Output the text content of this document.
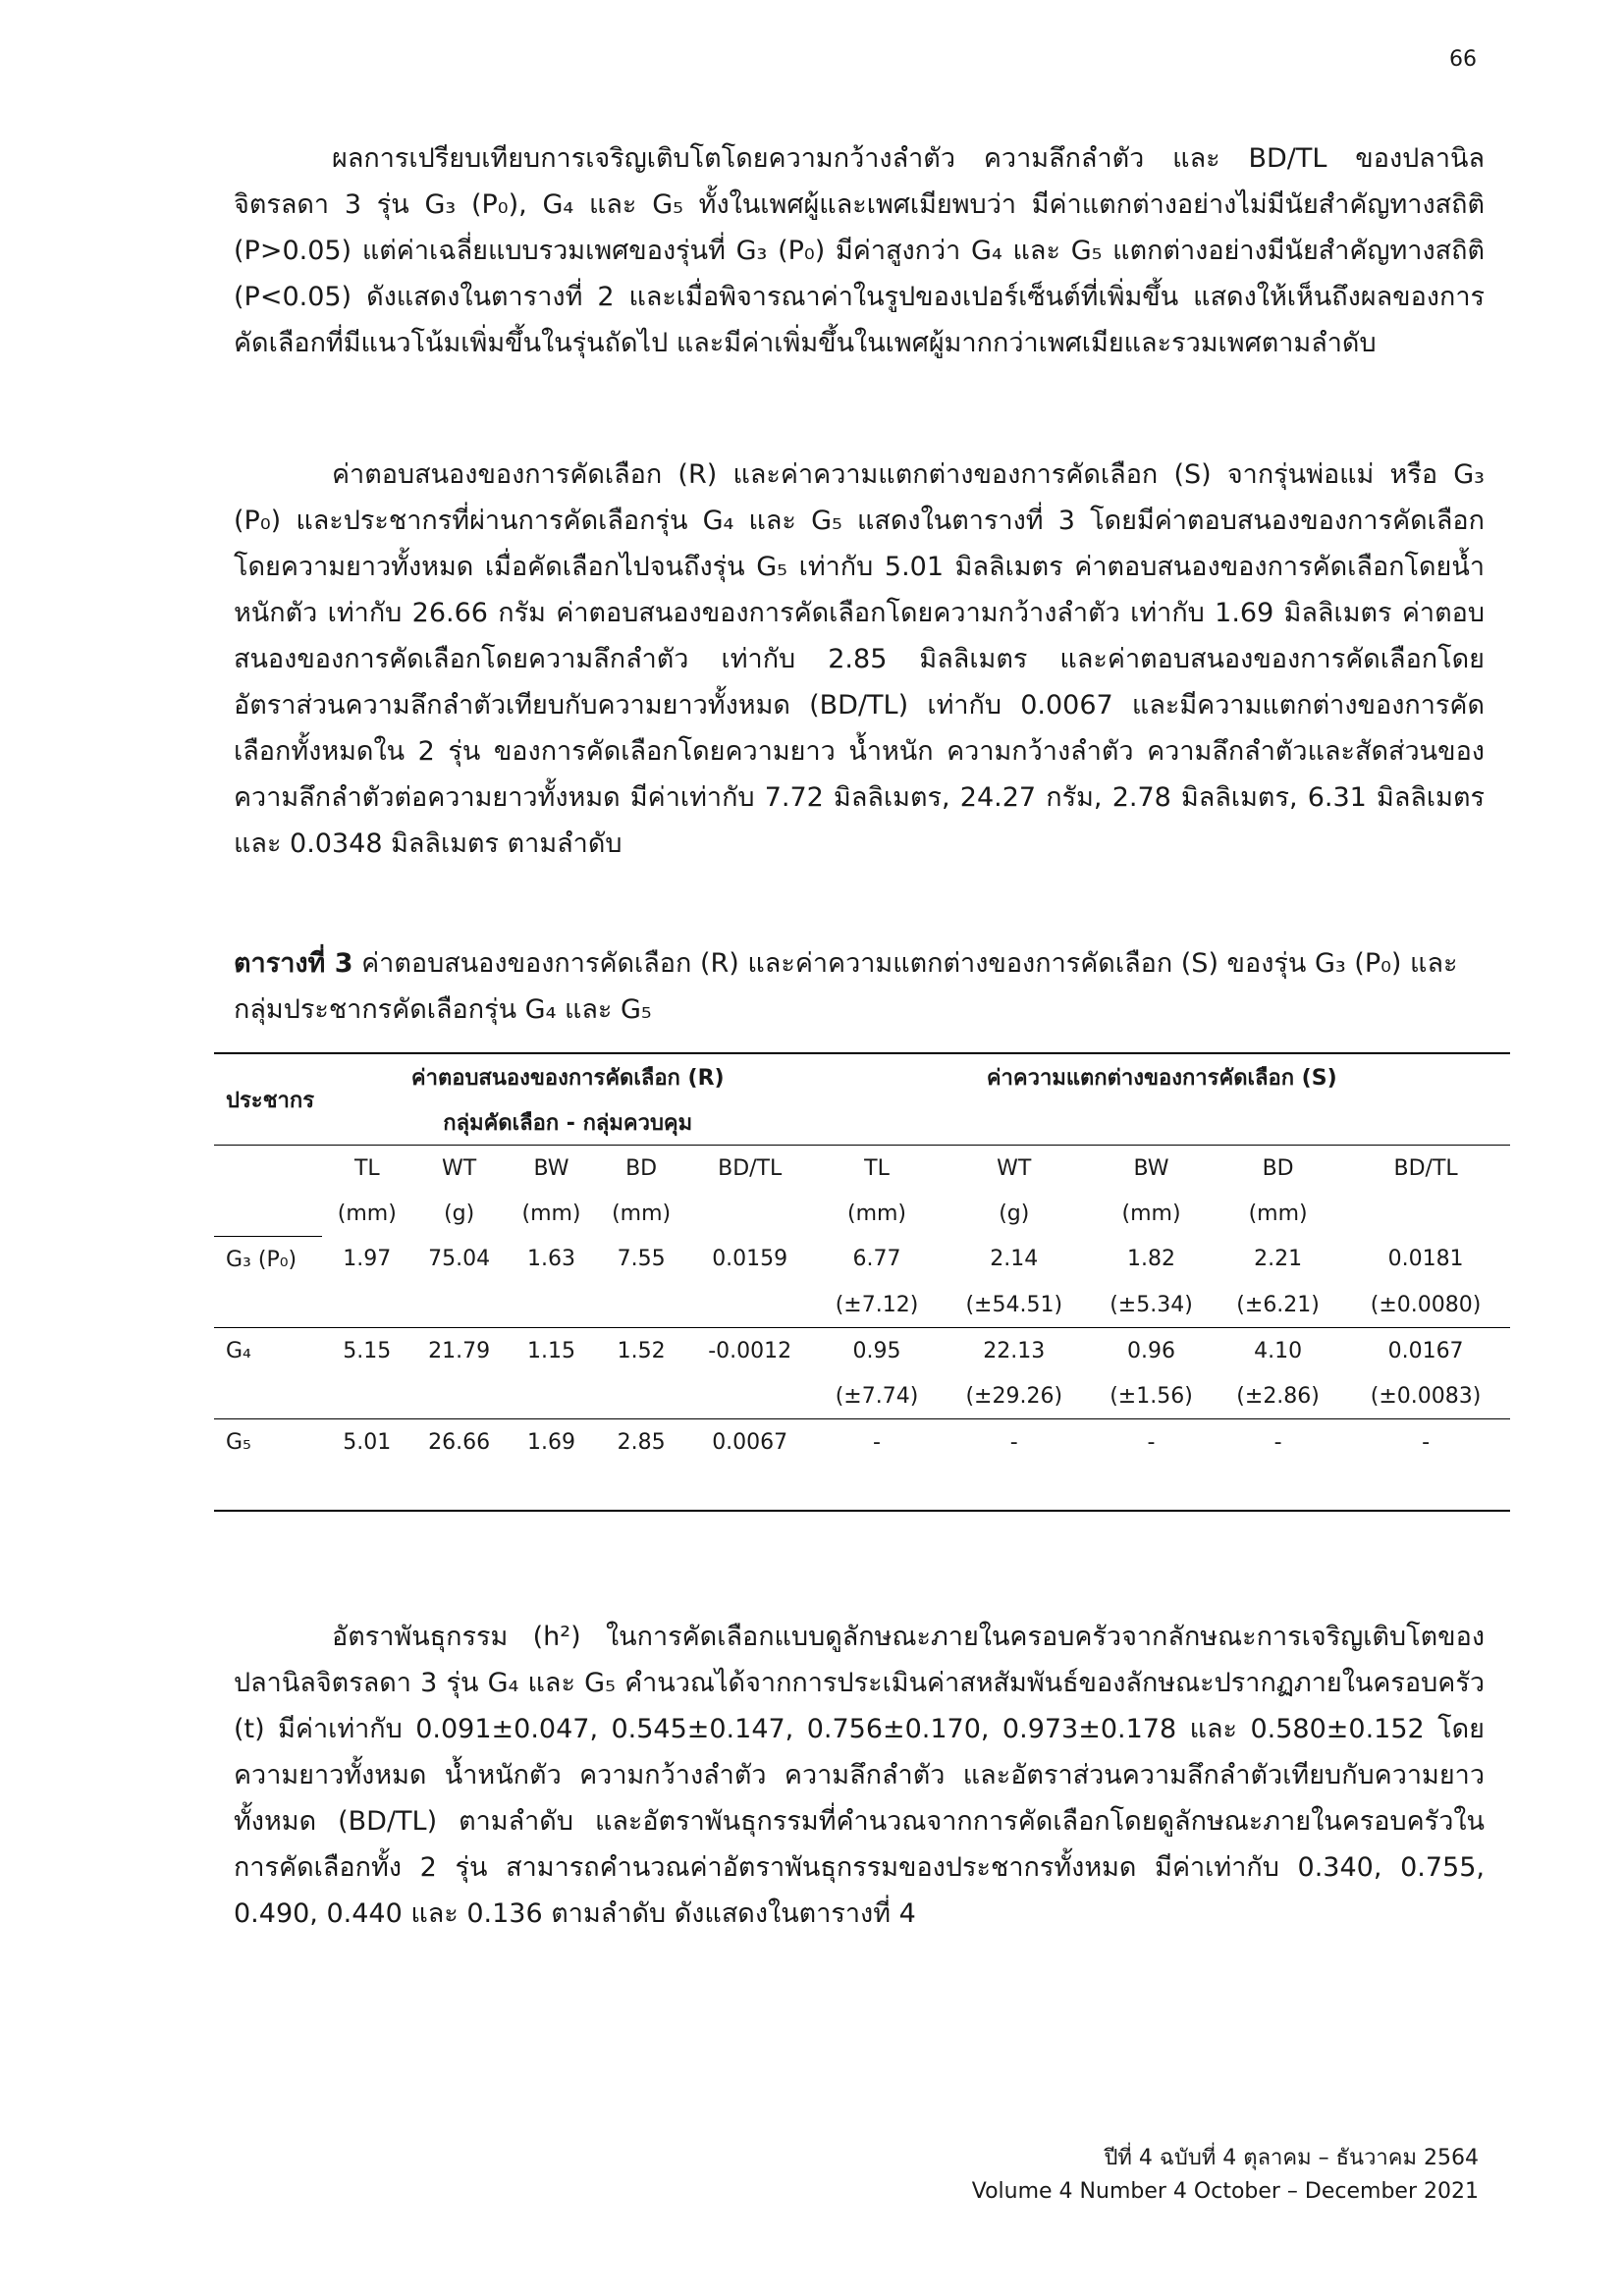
66

ผลการเปรียบเทียบการเจริญเติบโตโดยความกว้างลำตัว ความลึกลำตัว และ BD/TL ของปลานิลจิตรลดา 3 รุ่น G₃ (P₀), G₄ และ G₅ ทั้งในเพศผู้และเพศเมียพบว่า มีค่าแตกต่างอย่างไม่มีนัยสำคัญทางสถิติ (P>0.05) แต่ค่าเฉลี่ยแบบรวมเพศของรุ่นที่ G₃ (P₀) มีค่าสูงกว่า G₄ และ G₅ แตกต่างอย่างมีนัยสำคัญทางสถิติ (P<0.05) ดังแสดงในตารางที่ 2 และเมื่อพิจารณาค่าในรูปของเปอร์เซ็นต์ที่เพิ่มขึ้น แสดงให้เห็นถึงผลของการคัดเลือกที่มีแนวโน้มเพิ่มขึ้นในรุ่นถัดไป และมีค่าเพิ่มขึ้นในเพศผู้มากกว่าเพศเมียและรวมเพศตามลำดับ

ค่าตอบสนองของการคัดเลือก (R) และค่าความแตกต่างของการคัดเลือก (S) จากรุ่นพ่อแม่ หรือ G₃ (P₀) และประชากรที่ผ่านการคัดเลือกรุ่น G₄ และ G₅ แสดงในตารางที่ 3 โดยมีค่าตอบสนองของการคัดเลือกโดยความยาวทั้งหมด เมื่อคัดเลือกไปจนถึงรุ่น G₅ เท่ากับ 5.01 มิลลิเมตร ค่าตอบสนองของการคัดเลือกโดยน้ำหนักตัว เท่ากับ 26.66 กรัม ค่าตอบสนองของการคัดเลือกโดยความกว้างลำตัว เท่ากับ 1.69 มิลลิเมตร ค่าตอบสนองของการคัดเลือกโดยความลึกลำตัว เท่ากับ 2.85 มิลลิเมตร และค่าตอบสนองของการคัดเลือกโดยอัตราส่วนความลึกลำตัวเทียบกับความยาวทั้งหมด (BD/TL) เท่ากับ 0.0067 และมีความแตกต่างของการคัดเลือกทั้งหมดใน 2 รุ่น ของการคัดเลือกโดยความยาว น้ำหนัก ความกว้างลำตัว ความลึกลำตัวและสัดส่วนของความลึกลำตัวต่อความยาวทั้งหมด มีค่าเท่ากับ 7.72 มิลลิเมตร, 24.27 กรัม, 2.78 มิลลิเมตร, 6.31 มิลลิเมตร และ 0.0348 มิลลิเมตร ตามลำดับ

ตารางที่ 3 ค่าตอบสนองของการคัดเลือก (R) และค่าความแตกต่างของการคัดเลือก (S) ของรุ่น G₃ (P₀) และกลุ่มประชากรคัดเลือกรุ่น G₄ และ G₅

ประชากร	ค่าตอบสนองของการคัดเลือก (R)					ค่าความแตกต่างของการคัดเลือก (S)				
	กลุ่มคัดเลือก - กลุ่มควบคุม									
	TL	WT	BW	BD	BD/TL	TL	WT	BW	BD	BD/TL
	(mm)	(g)	(mm)	(mm)		(mm)	(g)	(mm)	(mm)	
G₃ (P₀)	1.97	75.04	1.63	7.55	0.0159	6.77	2.14	1.82	2.21	0.0181
						(±7.12)	(±54.51)	(±5.34)	(±6.21)	(±0.0080)
G₄	5.15	21.79	1.15	1.52	-0.0012	0.95	22.13	0.96	4.10	0.0167
						(±7.74)	(±29.26)	(±1.56)	(±2.86)	(±0.0083)
G₅	5.01	26.66	1.69	2.85	0.0067	-	-	-	-	-

อัตราพันธุกรรม (h²) ในการคัดเลือกแบบดูลักษณะภายในครอบครัวจากลักษณะการเจริญเติบโตของปลานิลจิตรลดา 3 รุ่น G₄ และ G₅ คำนวณได้จากการประเมินค่าสหสัมพันธ์ของลักษณะปรากฏภายในครอบครัว (t) มีค่าเท่ากับ 0.091±0.047, 0.545±0.147, 0.756±0.170, 0.973±0.178 และ 0.580±0.152 โดยความยาวทั้งหมด น้ำหนักตัว ความกว้างลำตัว ความลึกลำตัว และอัตราส่วนความลึกลำตัวเทียบกับความยาวทั้งหมด (BD/TL) ตามลำดับ และอัตราพันธุกรรมที่คำนวณจากการคัดเลือกโดยดูลักษณะภายในครอบครัวในการคัดเลือกทั้ง 2 รุ่น สามารถคำนวณค่าอัตราพันธุกรรมของประชากรทั้งหมด มีค่าเท่ากับ 0.340, 0.755, 0.490, 0.440 และ 0.136 ตามลำดับ ดังแสดงในตารางที่ 4

ปีที่ 4 ฉบับที่ 4 ตุลาคม – ธันวาคม 2564
Volume 4 Number 4 October – December 2021
